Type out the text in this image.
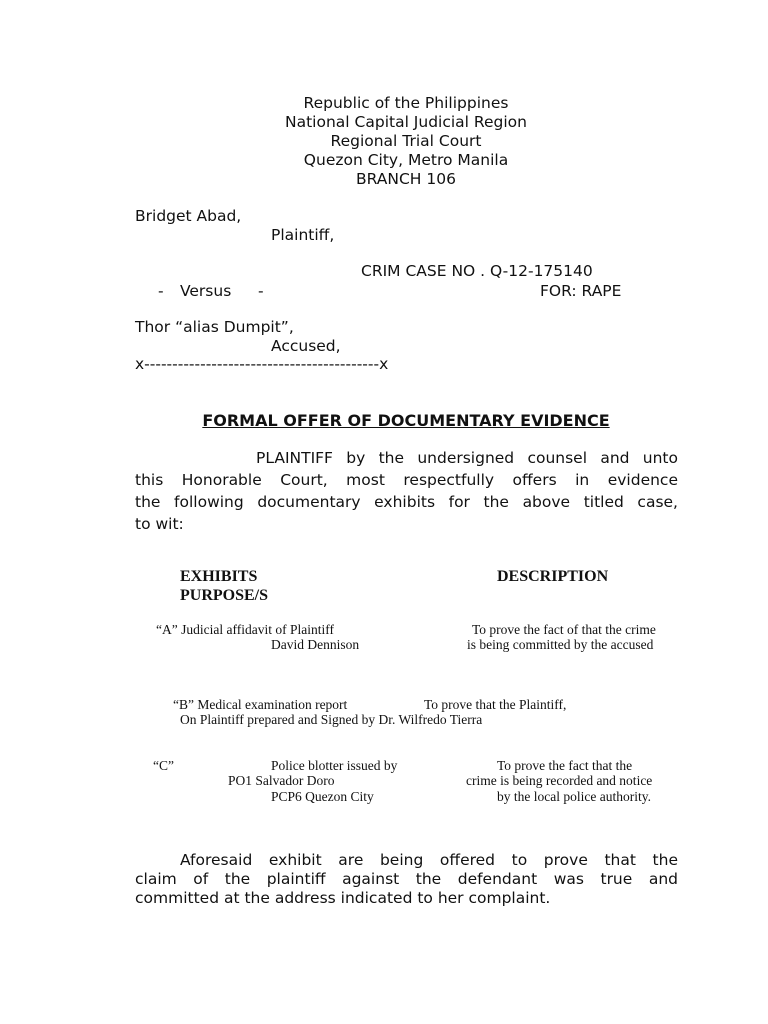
Republic of the Philippines
National Capital Judicial Region
Regional Trial Court
Quezon City, Metro Manila
BRANCH 106
Bridget Abad,
Plaintiff,
CRIM CASE NO . Q-12-175140
- Versus -	FOR: RAPE
Thor “alias Dumpit”,
Accused,
x------------------------------------------x
FORMAL OFFER OF DOCUMENTARY EVIDENCE
PLAINTIFF by the undersigned counsel and unto
this Honorable Court, most respectfully offers in evidence
the following documentary exhibits for the above titled case,
to wit:
EXHIBITS	DESCRIPTION
PURPOSE/S
“A” Judicial affidavit of Plaintiff	To prove the fact of that the crime
David Dennison	is being committed by the accused
“B” Medical examination report	To prove that the Plaintiff,
On Plaintiff prepared and Signed by Dr. Wilfredo Tierra
“C”	Police blotter issued by	To prove the fact that the
PO1 Salvador Doro	crime is being recorded and notice
PCP6 Quezon City	by the local police authority.
Aforesaid exhibit are being offered to prove that the
claim of the plaintiff against the defendant was true and
committed at the address indicated to her complaint.
